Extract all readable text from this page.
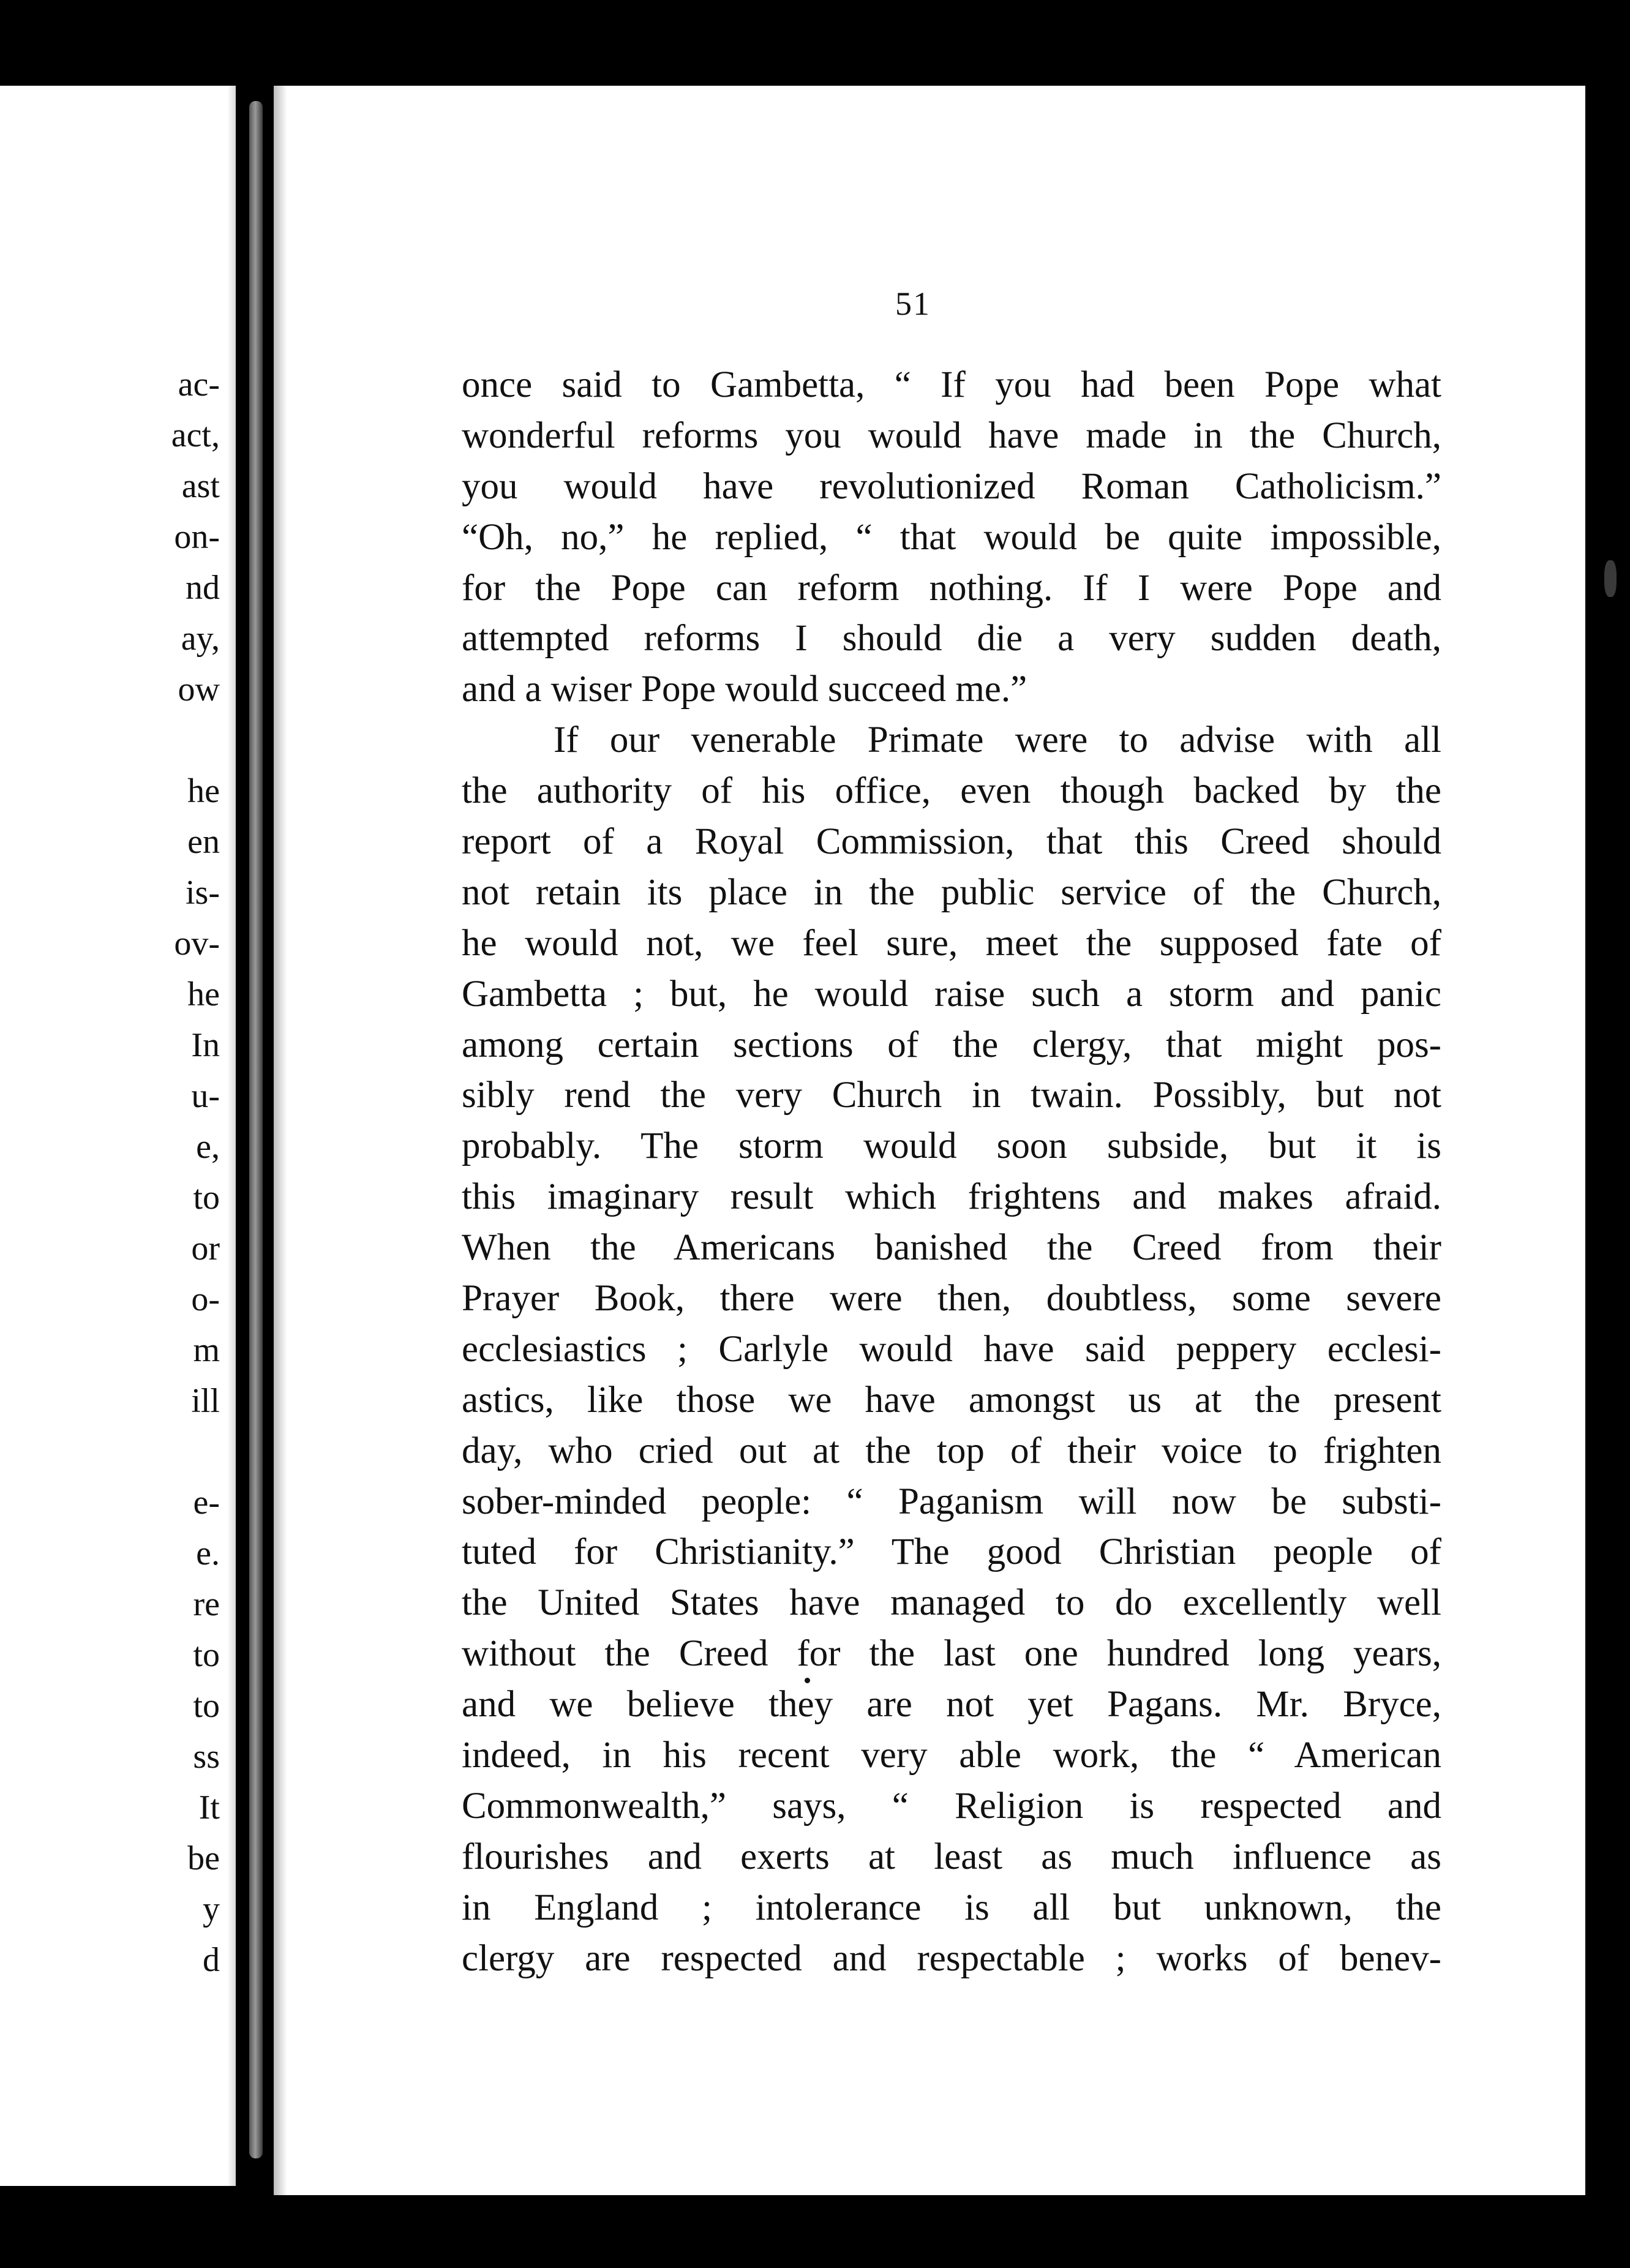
ac-
act,
ast
on-
nd
ay,
ow
he
en
is-
ov-
he
In
u-
e,
to
or
o-
m
ill
e-
e.
re
to
to
ss
It
be
y
d
51
once said to Gambetta, “ If you had been Pope what
wonderful reforms you would have made in the Church,
you would have revolutionized Roman Catholicism.”
“Oh, no,” he replied, “ that would be quite impossible,
for the Pope can reform nothing. If I were Pope and
attempted reforms I should die a very sudden death,
and a wiser Pope would succeed me.”
If our venerable Primate were to advise with all
the authority of his office, even though backed by the
report of a Royal Commission, that this Creed should
not retain its place in the public service of the Church,
he would not, we feel sure, meet the supposed fate of
Gambetta ; but, he would raise such a storm and panic
among certain sections of the clergy, that might pos-
sibly rend the very Church in twain. Possibly, but not
probably. The storm would soon subside, but it is
this imaginary result which frightens and makes afraid.
When the Americans banished the Creed from their
Prayer Book, there were then, doubtless, some severe
ecclesiastics ; Carlyle would have said peppery ecclesi-
astics, like those we have amongst us at the present
day, who cried out at the top of their voice to frighten
sober-minded people: “ Paganism will now be substi-
tuted for Christianity.” The good Christian people of
the United States have managed to do excellently well
without the Creed for the last one hundred long years,
and we believe they are not yet Pagans. Mr. Bryce,
indeed, in his recent very able work, the “ American
Commonwealth,” says, “ Religion is respected and
flourishes and exerts at least as much influence as
in England ; intolerance is all but unknown, the
clergy are respected and respectable ; works of benev-
